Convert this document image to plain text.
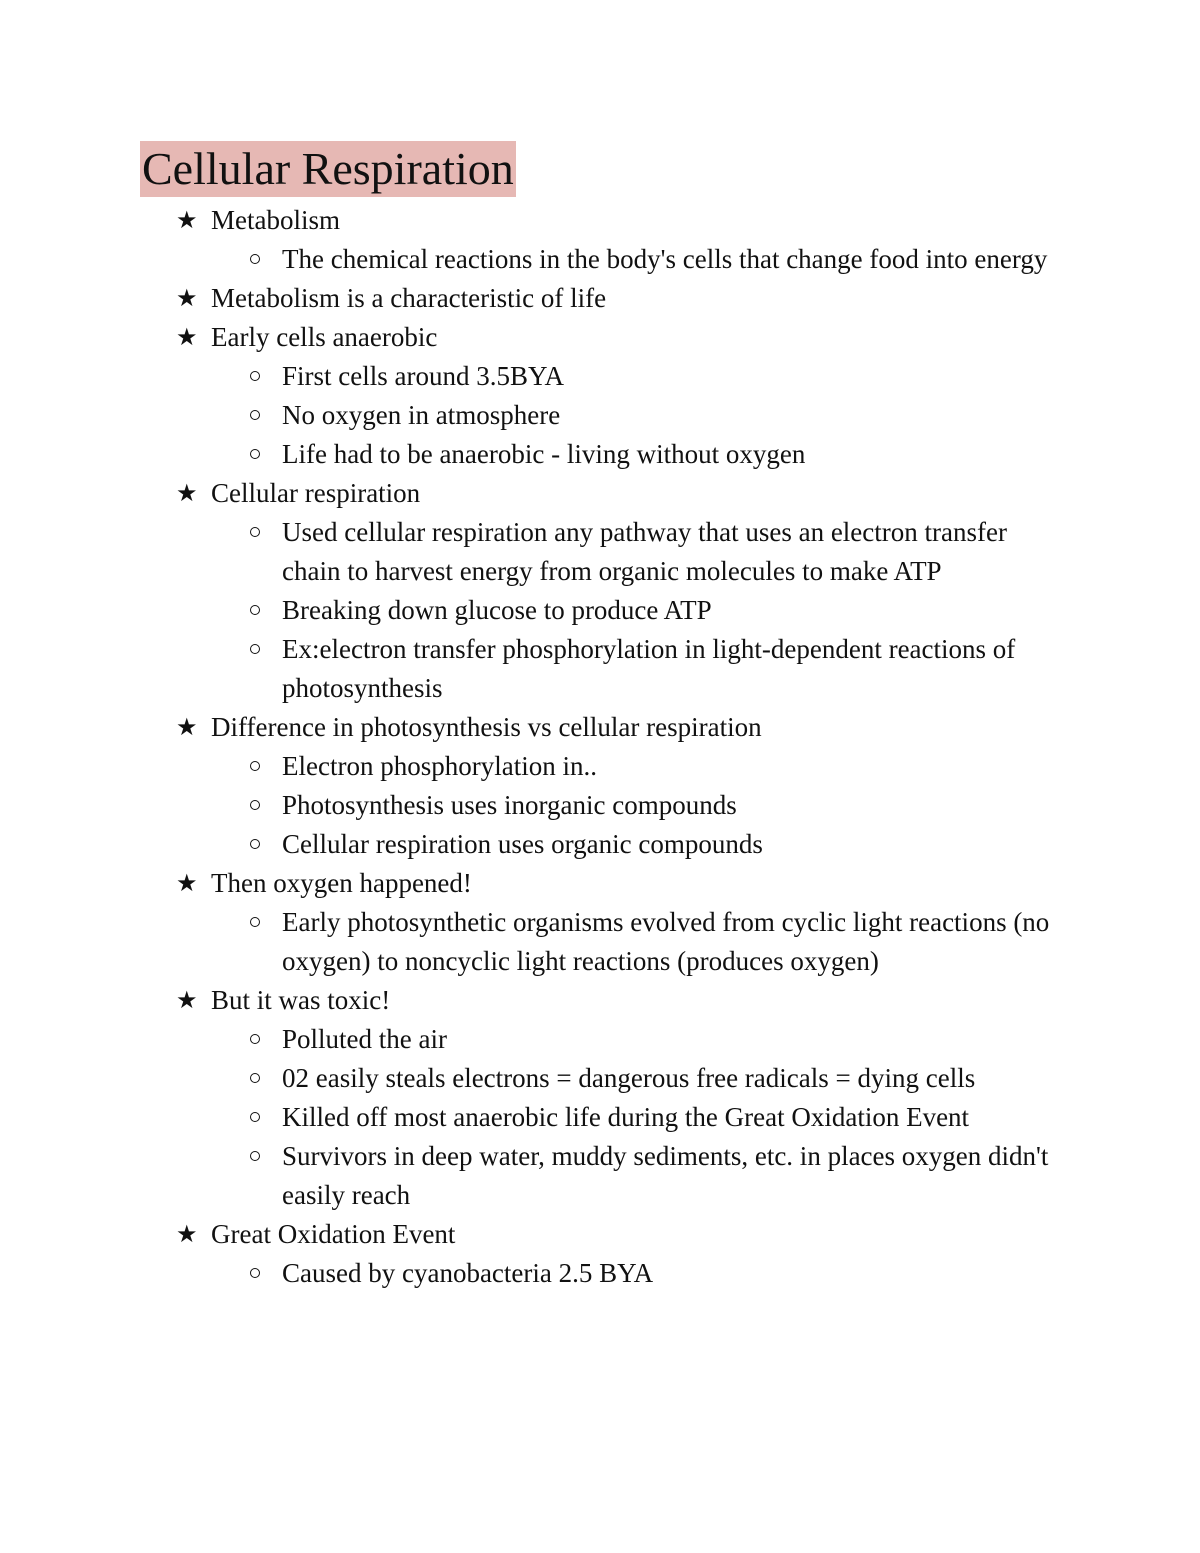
Cellular Respiration
★ Metabolism
The chemical reactions in the body's cells that change food into energy
★ Metabolism is a characteristic of life
★ Early cells anaerobic
First cells around 3.5BYA
No oxygen in atmosphere
Life had to be anaerobic - living without oxygen
★ Cellular respiration
Used cellular respiration any pathway that uses an electron transfer chain to harvest energy from organic molecules to make ATP
Breaking down glucose to produce ATP
Ex:electron transfer phosphorylation in light-dependent reactions of photosynthesis
★ Difference in photosynthesis vs cellular respiration
Electron phosphorylation in..
Photosynthesis uses inorganic compounds
Cellular respiration uses organic compounds
★ Then oxygen happened!
Early photosynthetic organisms evolved from cyclic light reactions (no oxygen) to noncyclic light reactions (produces oxygen)
★ But it was toxic!
Polluted the air
02 easily steals electrons = dangerous free radicals = dying cells
Killed off most anaerobic life during the Great Oxidation Event
Survivors in deep water, muddy sediments, etc. in places oxygen didn't easily reach
★ Great Oxidation Event
Caused by cyanobacteria 2.5 BYA
